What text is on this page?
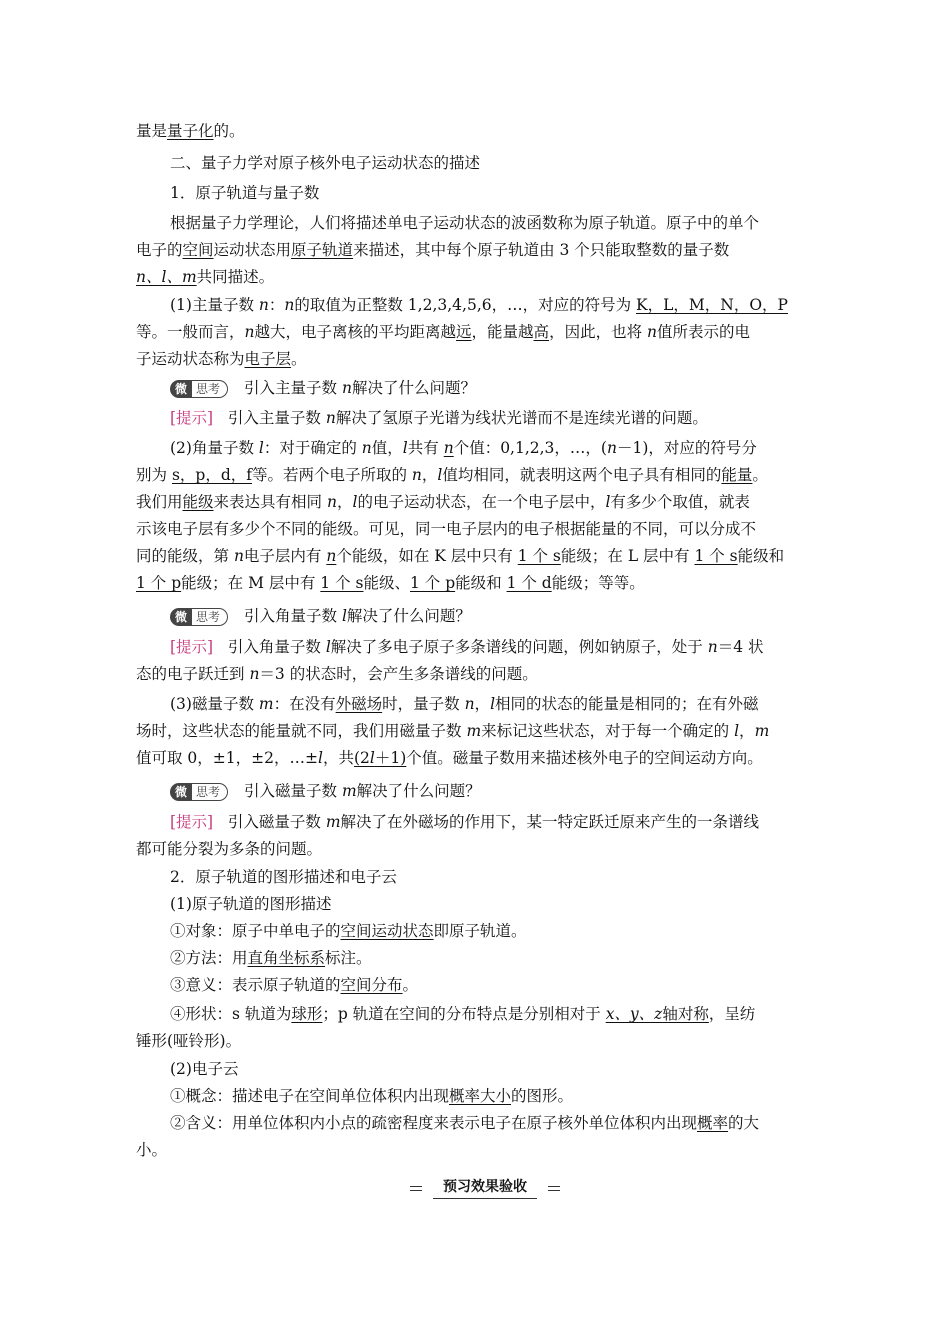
量是量子化的。
二、量子力学对原子核外电子运动状态的描述
1．原子轨道与量子数
根据量子力学理论，人们将描述单电子运动状态的波函数称为原子轨道。原子中的单个
电子的空间运动状态用原子轨道来描述，其中每个原子轨道由 3 个只能取整数的量子数
n、l、m共同描述。
(1)主量子数 n：n的取值为正整数 1,2,3,4,5,6，…，对应的符号为 K，L，M，N，O，P
等。一般而言，n越大，电子离核的平均距离越远，能量越高，因此，也将 n值所表示的电
子运动状态称为电子层。
微 思考 引入主量子数 n解决了什么问题？
[提示] 引入主量子数 n解决了氢原子光谱为线状光谱而不是连续光谱的问题。
(2)角量子数 l：对于确定的 n值，l共有 n个值：0,1,2,3，…，(n－1)，对应的符号分
别为 s，p，d，f等。若两个电子所取的 n，l值均相同，就表明这两个电子具有相同的能量。
我们用能级来表达具有相同 n，l的电子运动状态，在一个电子层中，l有多少个取值，就表
示该电子层有多少个不同的能级。可见，同一电子层内的电子根据能量的不同，可以分成不
同的能级，第 n电子层内有 n个能级，如在 K 层中只有 1 个 s能级；在 L 层中有 1 个 s能级和
1 个 p能级；在 M 层中有 1 个 s能级、1 个 p能级和 1 个 d能级；等等。
微 思考 引入角量子数 l解决了什么问题？
[提示] 引入角量子数 l解决了多电子原子多条谱线的问题，例如钠原子，处于 n＝4 状
态的电子跃迁到 n＝3 的状态时，会产生多条谱线的问题。
(3)磁量子数 m：在没有外磁场时，量子数 n，l相同的状态的能量是相同的；在有外磁
场时，这些状态的能量就不同，我们用磁量子数 m来标记这些状态，对于每一个确定的 l，m
值可取 0，±1，±2，…±l，共(2l＋1)个值。磁量子数用来描述核外电子的空间运动方向。
微 思考 引入磁量子数 m解决了什么问题？
[提示] 引入磁量子数 m解决了在外磁场的作用下，某一特定跃迁原来产生的一条谱线
都可能分裂为多条的问题。
2．原子轨道的图形描述和电子云
(1)原子轨道的图形描述
①对象：原子中单电子的空间运动状态即原子轨道。
②方法：用直角坐标系标注。
③意义：表示原子轨道的空间分布。
④形状：s 轨道为球形；p 轨道在空间的分布特点是分别相对于 x、y、z轴对称，呈纺
锤形(哑铃形)。
(2)电子云
①概念：描述电子在空间单位体积内出现概率大小的图形。
②含义：用单位体积内小点的疏密程度来表示电子在原子核外单位体积内出现概率的大
小。
预习效果验收
